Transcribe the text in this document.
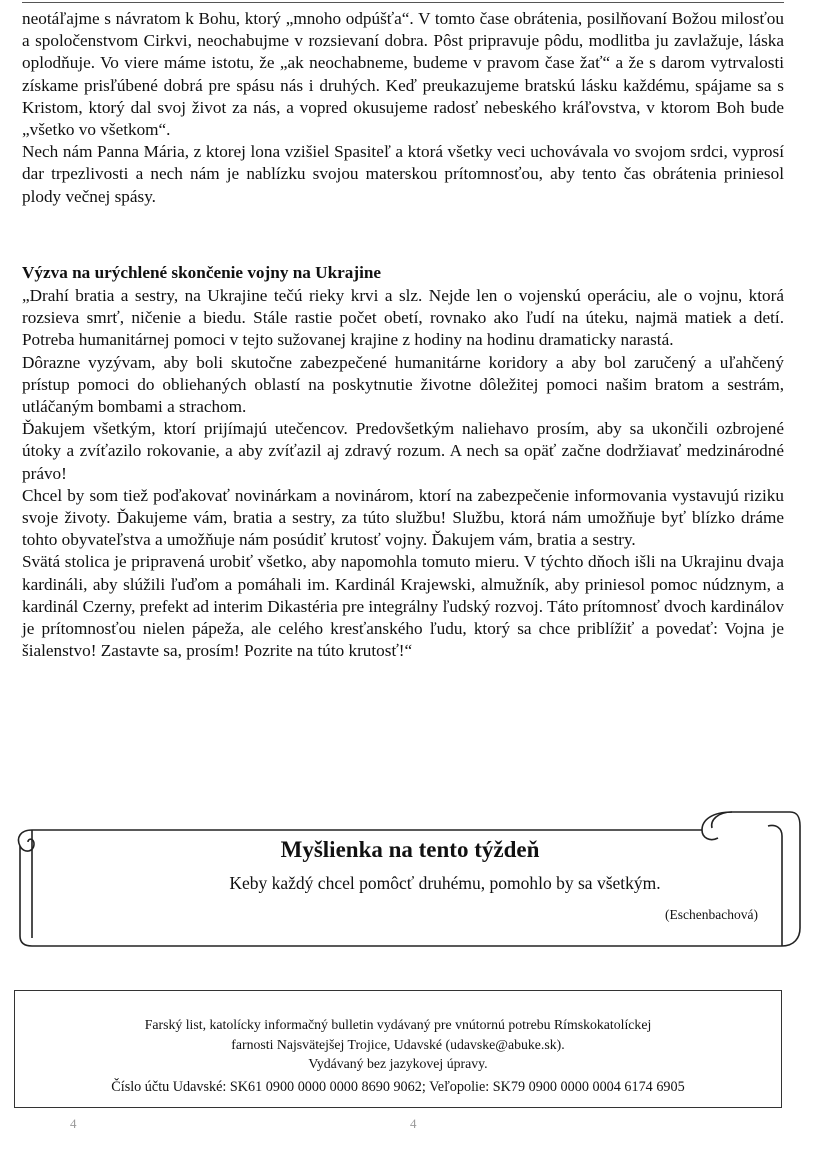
neotáľajme s návratom k Bohu, ktorý „mnoho odpúšťa“. V tomto čase obrátenia, posilňovaní Božou milosťou a spoločenstvom Cirkvi, neochabujme v rozsievaní dobra. Pôst pripravuje pôdu, modlitba ju zavlažuje, láska oplodňuje. Vo viere máme istotu, že „ak neochabneme, budeme v pravom čase žať“ a že s darom vytrvalosti získame prisľúbené dobrá pre spásu nás i druhých. Keď preukazujeme bratskú lásku každému, spájame sa s Kristom, ktorý dal svoj život za nás, a vopred okusujeme radosť nebeského kráľovstva, v ktorom Boh bude „všetko vo všetkom“.

Nech nám Panna Mária, z ktorej lona vzišiel Spasiteľ a ktorá všetky veci uchovávala vo svojom srdci, vyprosí dar trpezlivosti a nech nám je nablízku svojou materskou prítomnosťou, aby tento čas obrátenia priniesol plody večnej spásy.

Výzva na urýchlené skončenie vojny na Ukrajine

„Drahí bratia a sestry, na Ukrajine tečú rieky krvi a slz. Nejde len o vojenskú operáciu, ale o vojnu, ktorá rozsieva smrť, ničenie a biedu. Stále rastie počet obetí, rovnako ako ľudí na úteku, najmä matiek a detí. Potreba humanitárnej pomoci v tejto sužovanej krajine z hodiny na hodinu dramaticky narastá.

Dôrazne vyzývam, aby boli skutočne zabezpečené humanitárne koridory a aby bol zaručený a uľahčený prístup pomoci do obliehaných oblastí na poskytnutie životne dôležitej pomoci našim bratom a sestrám, utláčaným bombami a strachom.

Ďakujem všetkým, ktorí prijímajú utečencov. Predovšetkým naliehavo prosím, aby sa ukončili ozbrojené útoky a zvíťazilo rokovanie, a aby zvíťazil aj zdravý rozum. A nech sa opäť začne dodržiavať medzinárodné právo!

Chcel by som tiež poďakovať novinárkam a novinárom, ktorí na zabezpečenie informovania vystavujú riziku svoje životy. Ďakujeme vám, bratia a sestry, za túto službu! Službu, ktorá nám umožňuje byť blízko dráme tohto obyvateľstva a umožňuje nám posúdiť krutosť vojny. Ďakujem vám, bratia a sestry.

Svätá stolica je pripravená urobiť všetko, aby napomohla tomuto mieru. V týchto dňoch išli na Ukrajinu dvaja kardináli, aby slúžili ľuďom a pomáhali im. Kardinál Krajewski, almužník, aby priniesol pomoc núdznym, a kardinál Czerny, prefekt ad interim Dikastéria pre integrálny ľudský rozvoj. Táto prítomnosť dvoch kardinálov je prítomnosťou nielen pápeža, ale celého kresťanského ľudu, ktorý sa chce priblížiť a povedať: Vojna je šialenstvo! Zastavte sa, prosím! Pozrite na túto krutosť!“

Myšlienka na tento týždeň
Keby každý chcel pomôcť druhému, pomohlo by sa všetkým.
(Eschenbachová)
Farský list, katolícky informačný bulletin vydávaný pre vnútornú potrebu Rímskokatolíckej
farnosti Najsvätejšej Trojice, Udavské (udavske@abuke.sk).
Vydávaný bez jazykovej úpravy.
Číslo účtu Udavské: SK61 0900 0000 0000 8690 9062; Veľopolie: SK79 0900 0000 0004 6174 6905
4	4
